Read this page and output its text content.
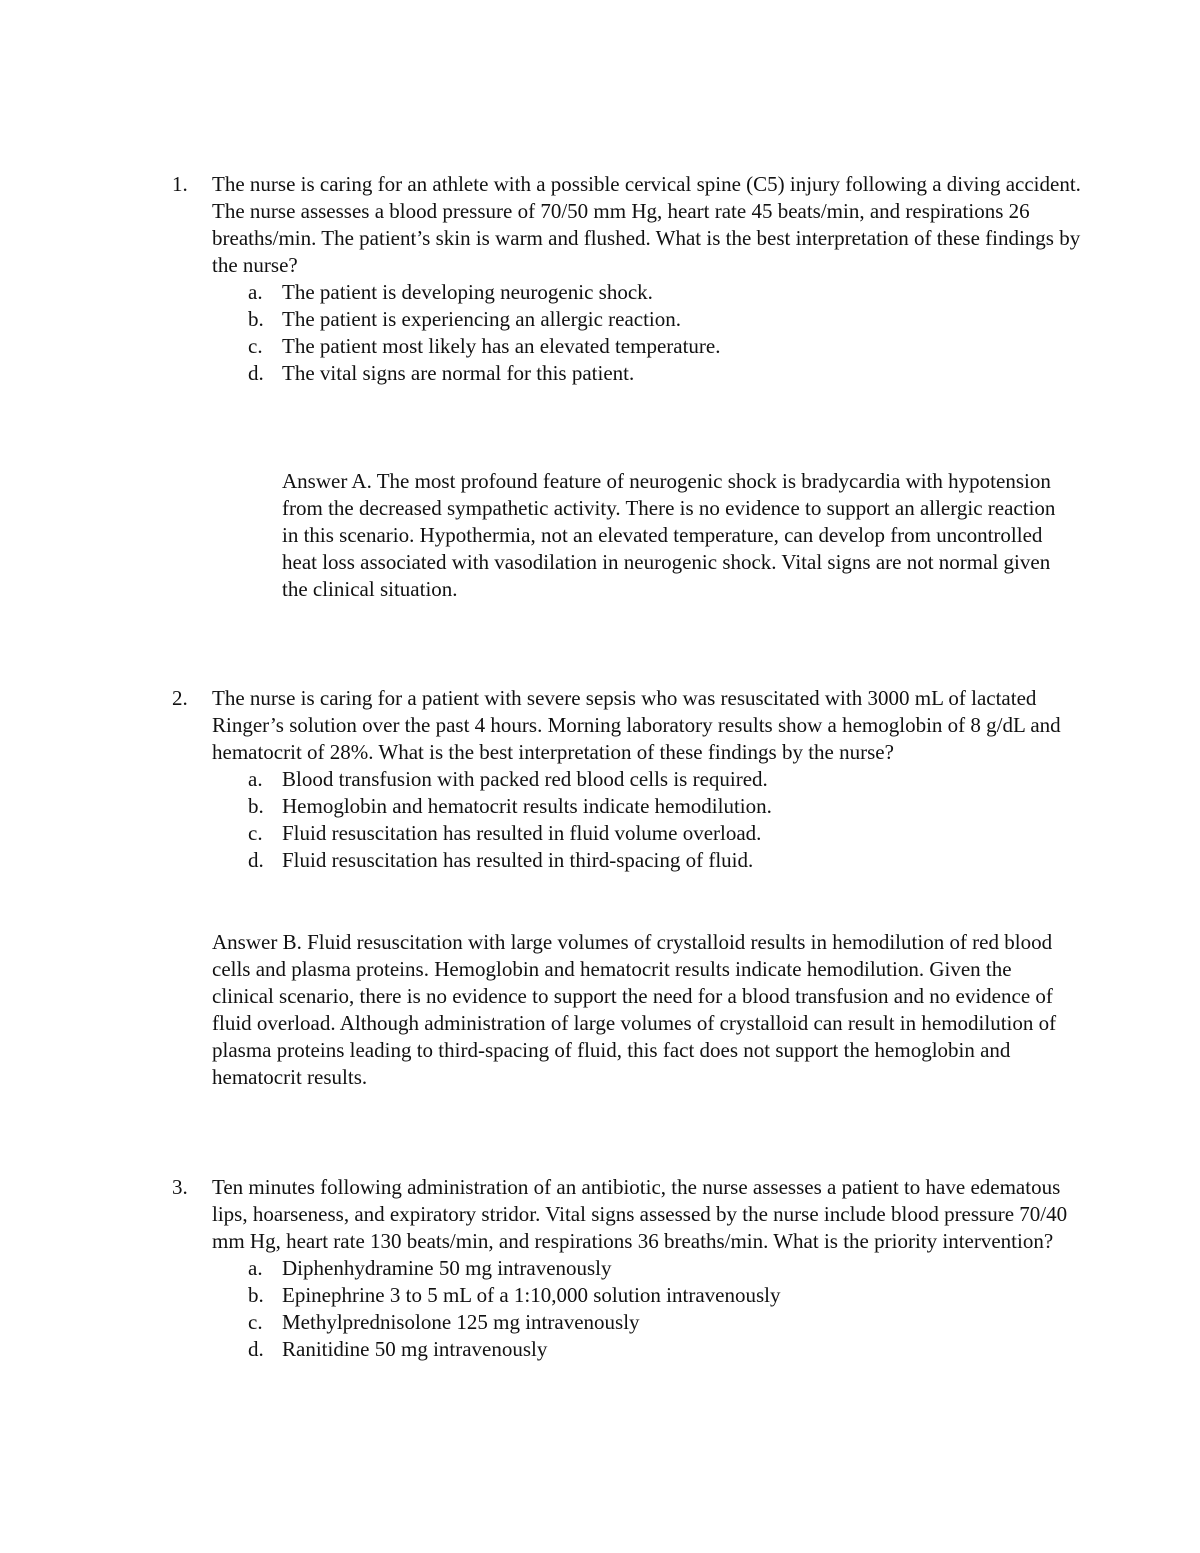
1. The nurse is caring for an athlete with a possible cervical spine (C5) injury following a diving accident. The nurse assesses a blood pressure of 70/50 mm Hg, heart rate 45 beats/min, and respirations 26 breaths/min. The patient’s skin is warm and flushed. What is the best interpretation of these findings by the nurse?

a. The patient is developing neurogenic shock.
b. The patient is experiencing an allergic reaction.
c. The patient most likely has an elevated temperature.
d. The vital signs are normal for this patient.

Answer A. The most profound feature of neurogenic shock is bradycardia with hypotension from the decreased sympathetic activity. There is no evidence to support an allergic reaction in this scenario. Hypothermia, not an elevated temperature, can develop from uncontrolled heat loss associated with vasodilation in neurogenic shock. Vital signs are not normal given the clinical situation.

2. The nurse is caring for a patient with severe sepsis who was resuscitated with 3000 mL of lactated Ringer’s solution over the past 4 hours. Morning laboratory results show a hemoglobin of 8 g/dL and hematocrit of 28%. What is the best interpretation of these findings by the nurse?

a. Blood transfusion with packed red blood cells is required.
b. Hemoglobin and hematocrit results indicate hemodilution.
c. Fluid resuscitation has resulted in fluid volume overload.
d. Fluid resuscitation has resulted in third-spacing of fluid.

Answer B. Fluid resuscitation with large volumes of crystalloid results in hemodilution of red blood cells and plasma proteins. Hemoglobin and hematocrit results indicate hemodilution. Given the clinical scenario, there is no evidence to support the need for a blood transfusion and no evidence of fluid overload. Although administration of large volumes of crystalloid can result in hemodilution of plasma proteins leading to third-spacing of fluid, this fact does not support the hemoglobin and hematocrit results.

3. Ten minutes following administration of an antibiotic, the nurse assesses a patient to have edematous lips, hoarseness, and expiratory stridor. Vital signs assessed by the nurse include blood pressure 70/40 mm Hg, heart rate 130 beats/min, and respirations 36 breaths/min. What is the priority intervention?

a. Diphenhydramine 50 mg intravenously
b. Epinephrine 3 to 5 mL of a 1:10,000 solution intravenously
c. Methylprednisolone 125 mg intravenously
d. Ranitidine 50 mg intravenously
